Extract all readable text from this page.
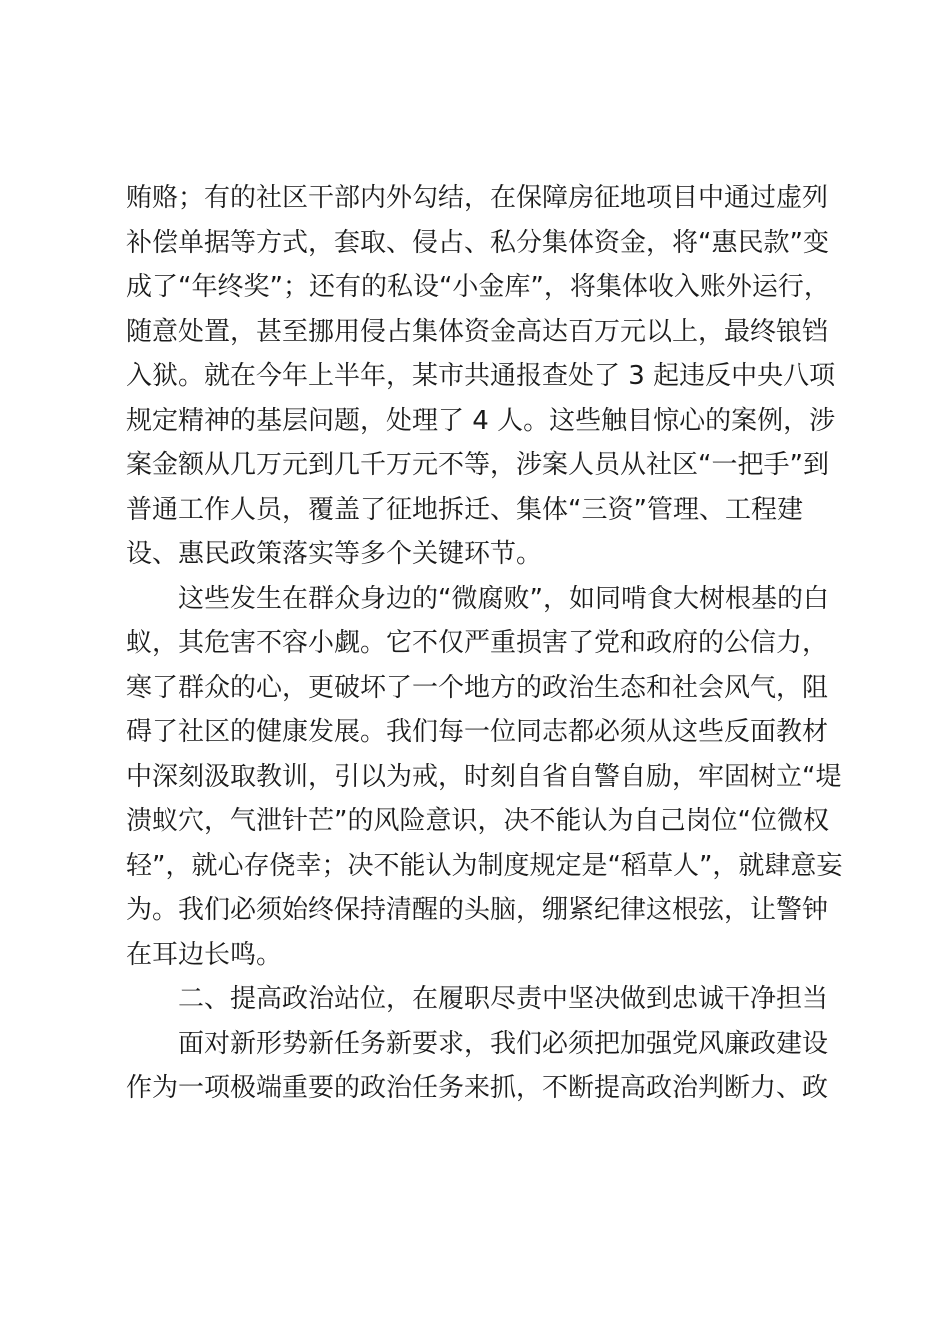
贿赂；有的社区干部内外勾结，在保障房征地项目中通过虚列
补偿单据等方式，套取、侵占、私分集体资金，将“惠民款”变
成了“年终奖”；还有的私设“小金库”，将集体收入账外运行，
随意处置，甚至挪用侵占集体资金高达百万元以上，最终锒铛
入狱。就在今年上半年，某市共通报查处了 3 起违反中央八项
规定精神的基层问题，处理了 4 人。这些触目惊心的案例，涉
案金额从几万元到几千万元不等，涉案人员从社区“一把手”到
普通工作人员，覆盖了征地拆迁、集体“三资”管理、工程建
设、惠民政策落实等多个关键环节。
这些发生在群众身边的“微腐败”，如同啃食大树根基的白
蚁，其危害不容小觑。它不仅严重损害了党和政府的公信力，
寒了群众的心，更破坏了一个地方的政治生态和社会风气，阻
碍了社区的健康发展。我们每一位同志都必须从这些反面教材
中深刻汲取教训，引以为戒，时刻自省自警自励，牢固树立“堤
溃蚁穴，气泄针芒”的风险意识，决不能认为自己岗位“位微权
轻”，就心存侥幸；决不能认为制度规定是“稻草人”，就肆意妄
为。我们必须始终保持清醒的头脑，绷紧纪律这根弦，让警钟
在耳边长鸣。
二、提高政治站位，在履职尽责中坚决做到忠诚干净担当
面对新形势新任务新要求，我们必须把加强党风廉政建设
作为一项极端重要的政治任务来抓，不断提高政治判断力、政
